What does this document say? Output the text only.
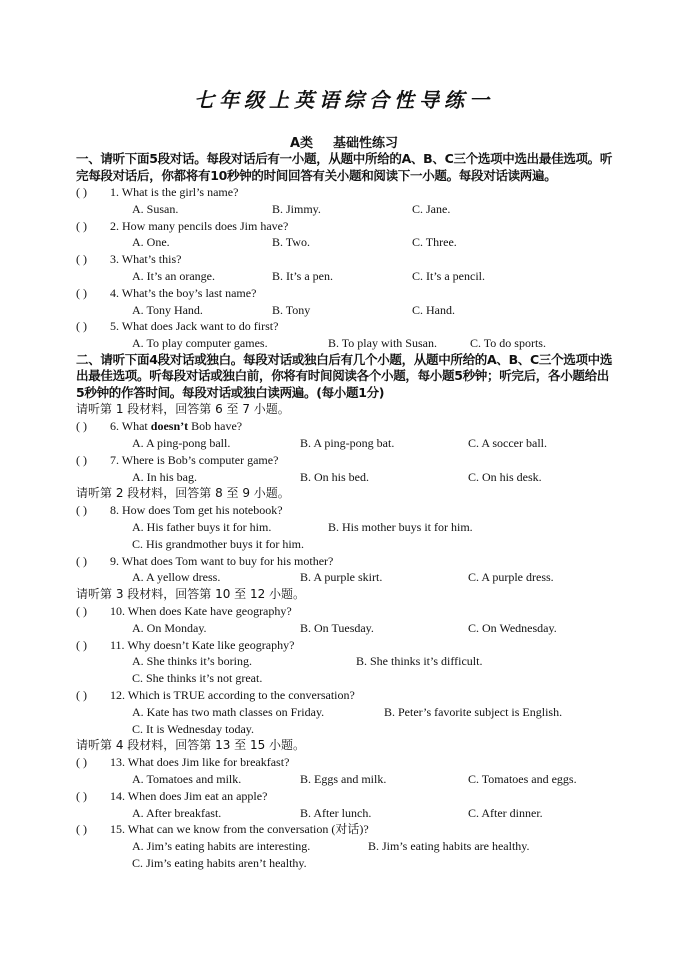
七年级上英语综合性导练一
A类 基础性练习
一、请听下面5段对话。每段对话后有一小题，从题中所给的A、B、C三个选项中选出最佳选项。听完每段对话后，你都将有10秒钟的时间回答有关小题和阅读下一小题。每段对话读两遍。
( ) 1. What is the girl’s name?
A. Susan.	B. Jimmy.	C. Jane.
( ) 2. How many pencils does Jim have?
A. One.	B. Two.	C. Three.
( ) 3. What’s this?
A. It’s an orange.	B. It’s a pen.	C. It’s a pencil.
( ) 4. What’s the boy’s last name?
A. Tony Hand.	B. Tony	C. Hand.
( ) 5. What does Jack want to do first?
A. To play computer games.	B. To play with Susan.	C. To do sports.
二、请听下面4段对话或独白。每段对话或独白后有几个小题，从题中所给的A、B、C三个选项中选出最佳选项。听每段对话或独白前，你将有时间阅读各个小题，每小题5秒钟；听完后，各小题给出5秒钟的作答时间。每段对话或独白读两遍。(每小题1分)
请听第 1 段材料，回答第 6 至 7 小题。
( ) 6. What doesn’t Bob have?
A. A ping-pong ball.	B. A ping-pong bat.	C. A soccer ball.
( ) 7. Where is Bob’s computer game?
A. In his bag.	B. On his bed.	C. On his desk.
请听第 2 段材料，回答第 8 至 9 小题。
( ) 8. How does Tom get his notebook?
A. His father buys it for him.	B. His mother buys it for him.
C. His grandmother buys it for him.
( ) 9. What does Tom want to buy for his mother?
A. A yellow dress.	B. A purple skirt.	C. A purple dress.
请听第 3 段材料，回答第 10 至 12 小题。
( ) 10. When does Kate have geography?
A. On Monday.	B. On Tuesday.	C. On Wednesday.
( ) 11. Why doesn’t Kate like geography?
A. She thinks it’s boring.	B. She thinks it’s difficult.
C. She thinks it’s not great.
( ) 12. Which is TRUE according to the conversation?
A. Kate has two math classes on Friday.	B. Peter’s favorite subject is English.
C. It is Wednesday today.
请听第 4 段材料，回答第 13 至 15 小题。
( ) 13. What does Jim like for breakfast?
A. Tomatoes and milk.	B. Eggs and milk.	C. Tomatoes and eggs.
( ) 14. When does Jim eat an apple?
A. After breakfast.	B. After lunch.	C. After dinner.
( ) 15. What can we know from the conversation (对话)?
A. Jim’s eating habits are interesting.	B. Jim’s eating habits are healthy.
C. Jim’s eating habits aren’t healthy.
